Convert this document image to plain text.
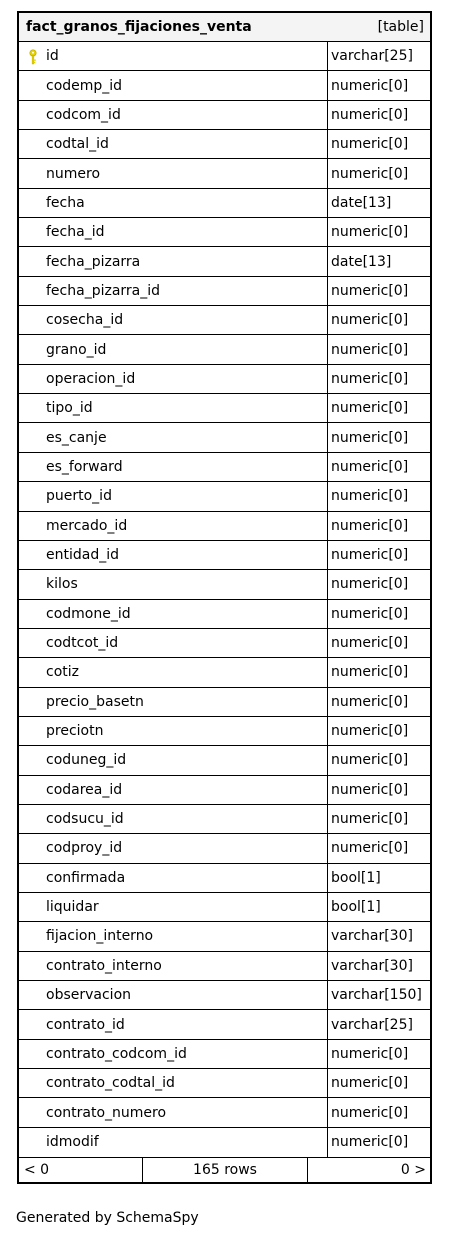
fact_granos_fijaciones_venta	[table]
id	varchar[25]
codemp_id	numeric[0]
codcom_id	numeric[0]
codtal_id	numeric[0]
numero	numeric[0]
fecha	date[13]
fecha_id	numeric[0]
fecha_pizarra	date[13]
fecha_pizarra_id	numeric[0]
cosecha_id	numeric[0]
grano_id	numeric[0]
operacion_id	numeric[0]
tipo_id	numeric[0]
es_canje	numeric[0]
es_forward	numeric[0]
puerto_id	numeric[0]
mercado_id	numeric[0]
entidad_id	numeric[0]
kilos	numeric[0]
codmone_id	numeric[0]
codtcot_id	numeric[0]
cotiz	numeric[0]
precio_basetn	numeric[0]
preciotn	numeric[0]
coduneg_id	numeric[0]
codarea_id	numeric[0]
codsucu_id	numeric[0]
codproy_id	numeric[0]
confirmada	bool[1]
liquidar	bool[1]
fijacion_interno	varchar[30]
contrato_interno	varchar[30]
observacion	varchar[150]
contrato_id	varchar[25]
contrato_codcom_id	numeric[0]
contrato_codtal_id	numeric[0]
contrato_numero	numeric[0]
idmodif	numeric[0]
< 0	165 rows	0 >
Generated by SchemaSpy
